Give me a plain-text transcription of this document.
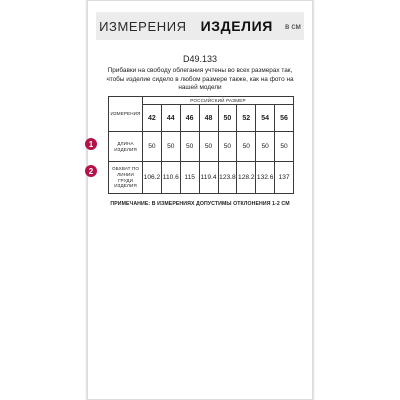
ИЗМЕРЕНИЯ ИЗДЕЛИЯ в см
D49.133
Прибавки на свободу облегания учтены во всех размерах так, чтобы изделие сидело в любом размере также, как на фото на нашей модели
ИЗМЕРЕНИЯ	РОССИЙСКИЙ РАЗМЕР							
	42	44	46	48	50	52	54	56
ДЛИНА ИЗДЕЛИЯ	50	50	50	50	50	50	50	50
ОБХВАТ ПО ЛИНИИ ГРУДИ ИЗДЕЛИЯ	106.2	110.6	115	119.4	123.8	128.2	132.6	137
1
2
ПРИМЕЧАНИЕ: В ИЗМЕРЕНИЯХ ДОПУСТИМЫ ОТКЛОНЕНИЯ 1-2 СМ
